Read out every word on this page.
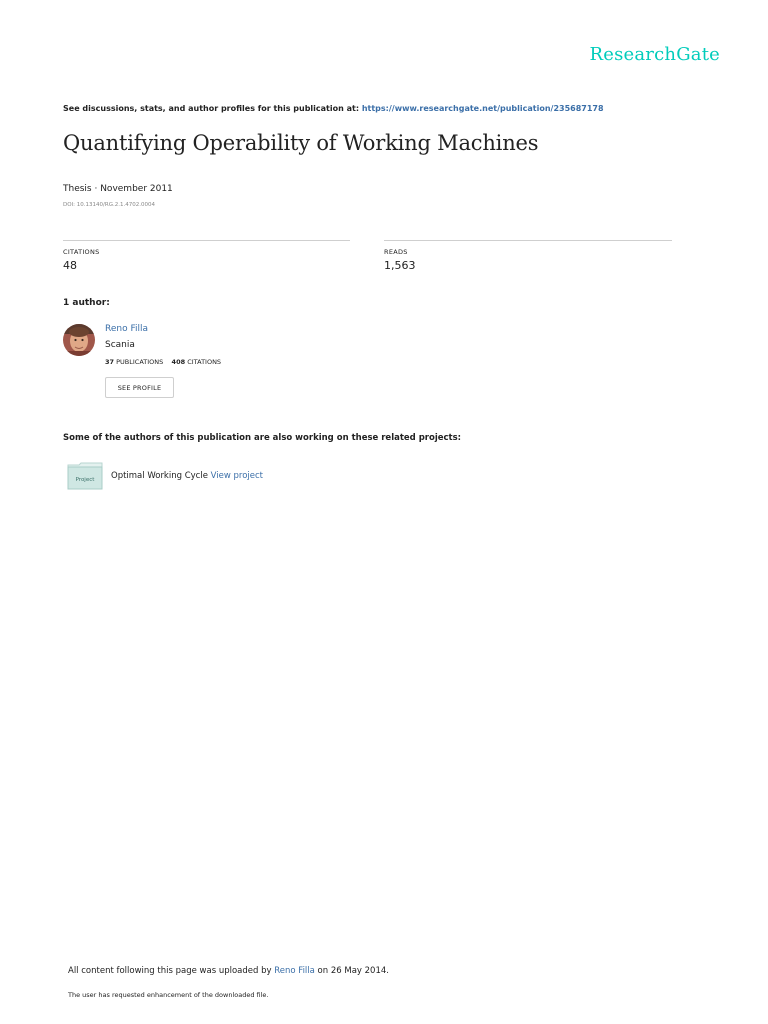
ResearchGate
See discussions, stats, and author profiles for this publication at: https://www.researchgate.net/publication/235687178
Quantifying Operability of Working Machines
Thesis · November 2011
DOI: 10.13140/RG.2.1.4702.0004
CITATIONS
48
READS
1,563
1 author:
Reno Filla
Scania
37 PUBLICATIONS 408 CITATIONS
SEE PROFILE
Some of the authors of this publication are also working on these related projects:
Project Optimal Working Cycle View project
All content following this page was uploaded by Reno Filla on 26 May 2014.
The user has requested enhancement of the downloaded file.
